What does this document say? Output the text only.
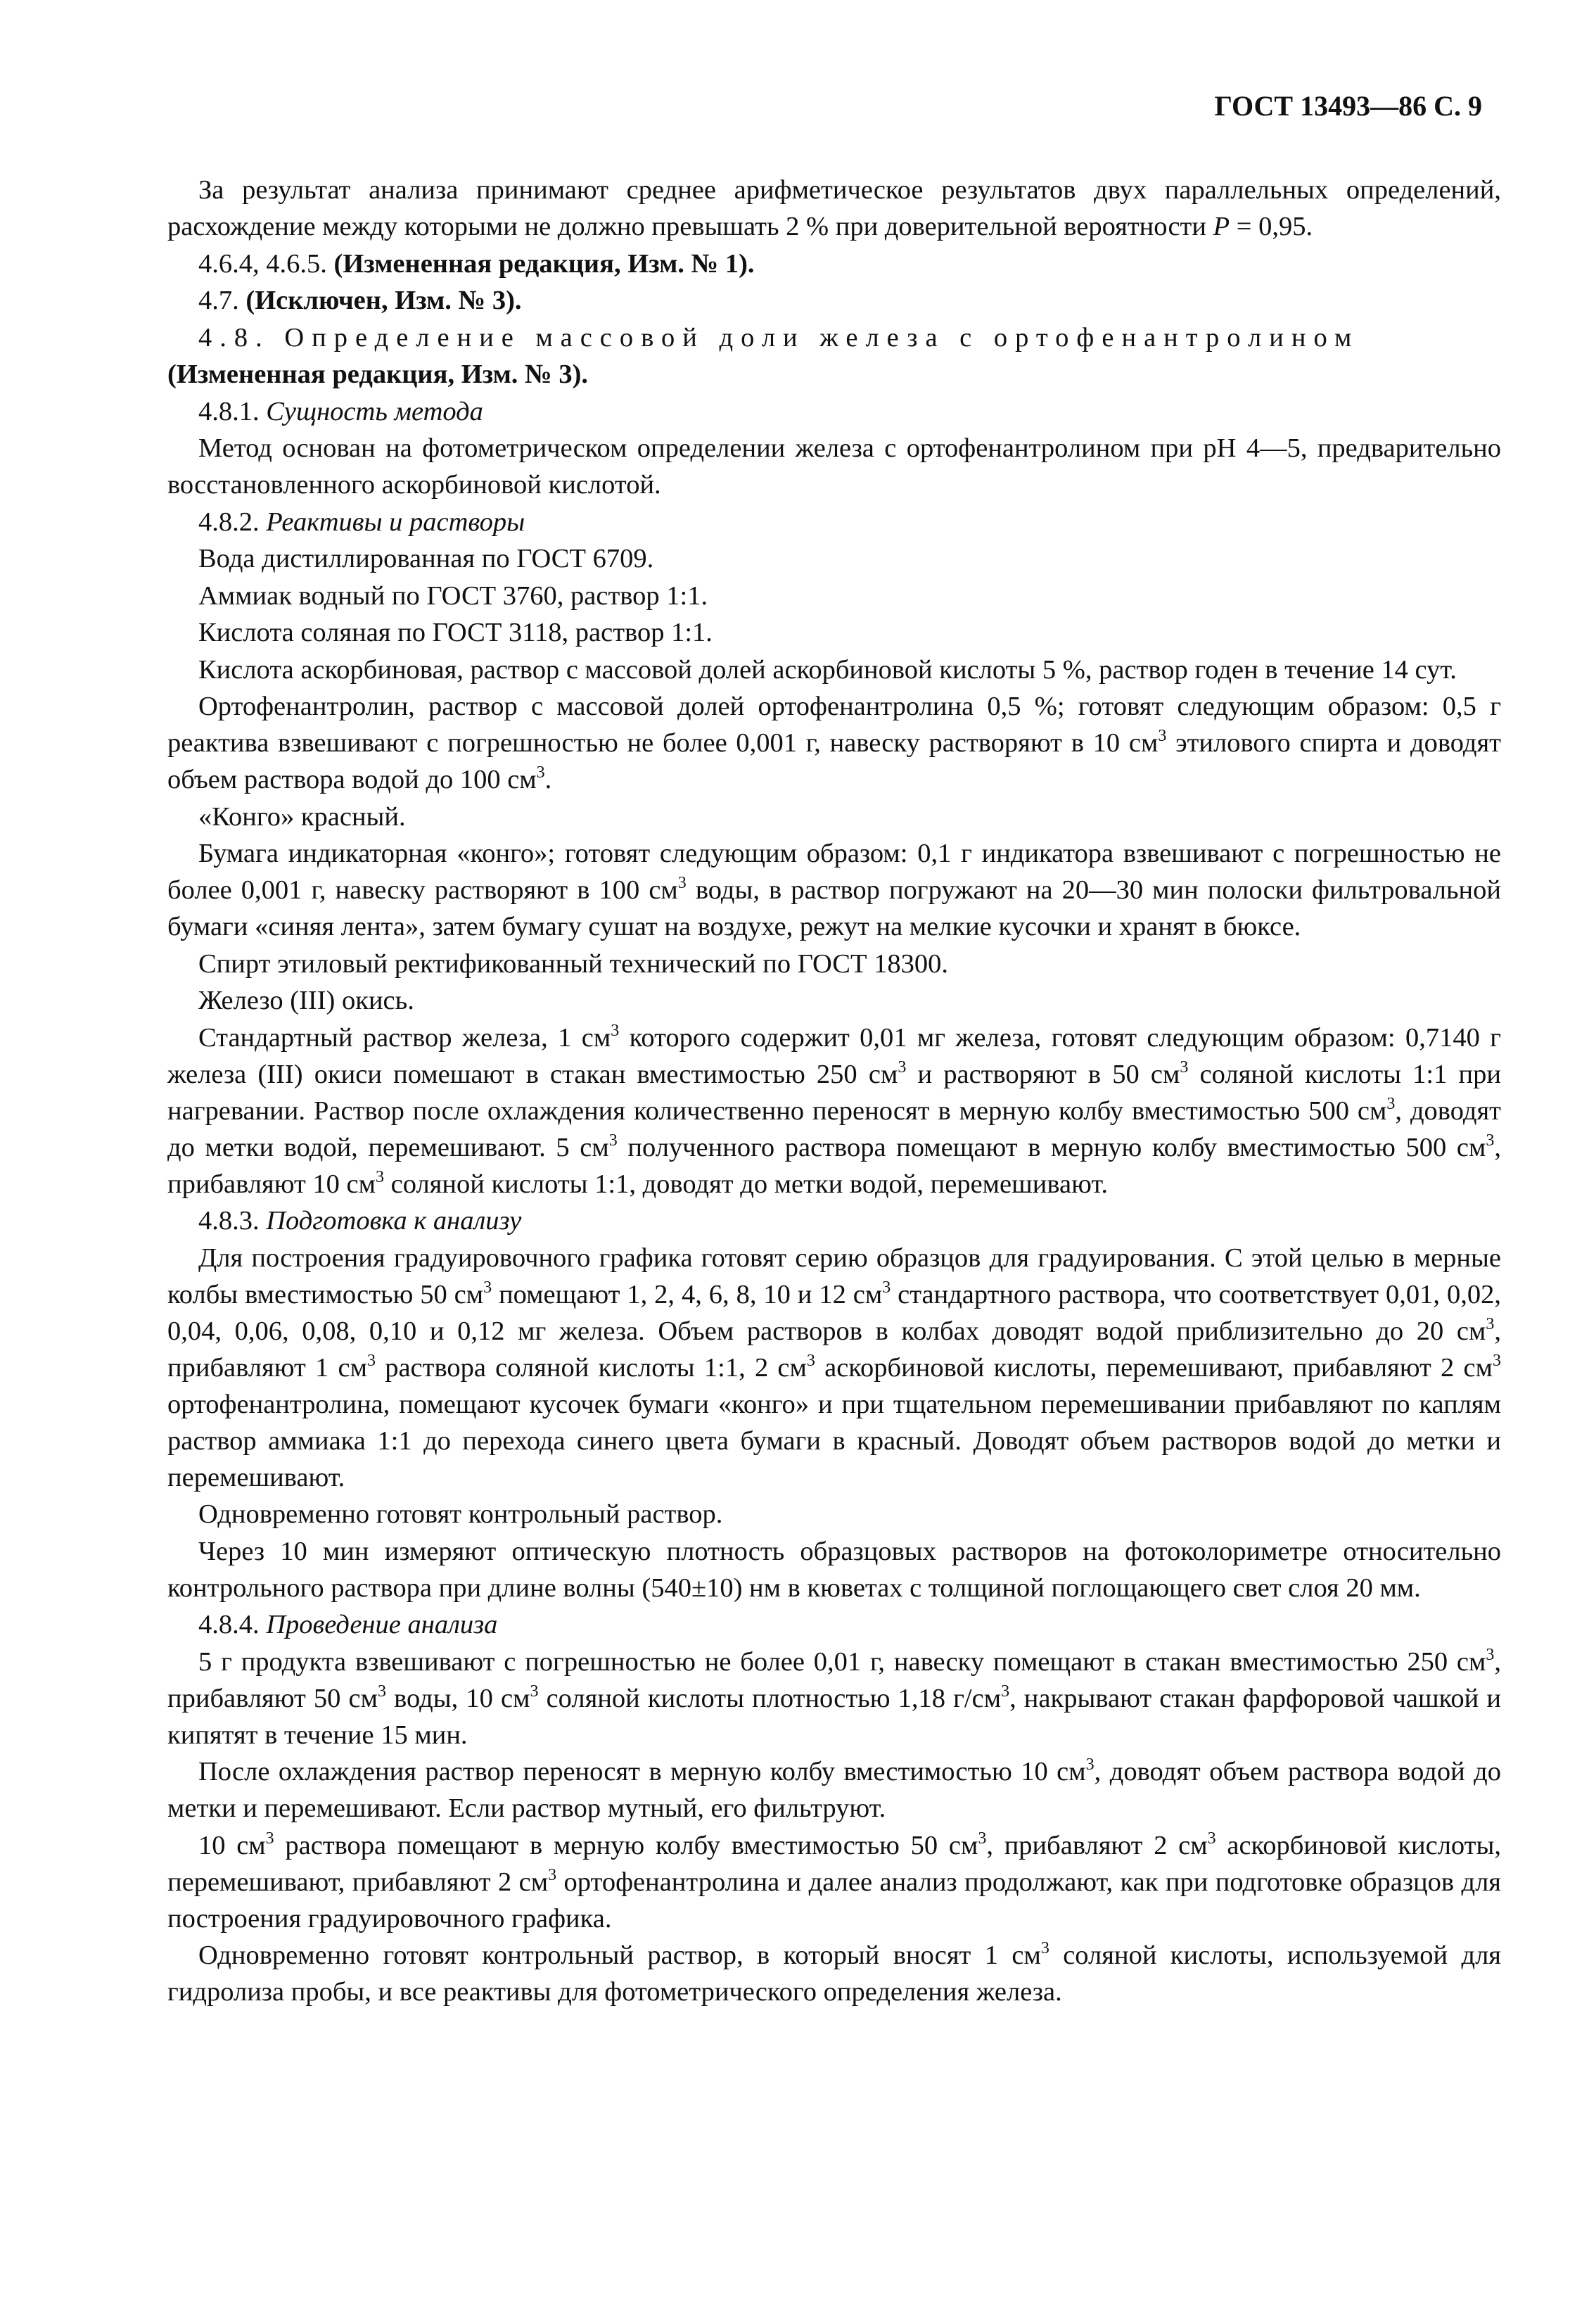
ГОСТ 13493—86 С. 9

За результат анализа принимают среднее арифметическое результатов двух параллельных определений, расхождение между которыми не должно превышать 2 % при доверительной вероятности P = 0,95.

4.6.4, 4.6.5. (Измененная редакция, Изм. № 1).

4.7. (Исключен, Изм. № 3).

4.8. Определение массовой доли железа с ортофенантролином

(Измененная редакция, Изм. № 3).

4.8.1. Сущность метода

Метод основан на фотометрическом определении железа с ортофенантролином при рН 4—5, предварительно восстановленного аскорбиновой кислотой.

4.8.2. Реактивы и растворы

Вода дистиллированная по ГОСТ 6709.

Аммиак водный по ГОСТ 3760, раствор 1:1.

Кислота соляная по ГОСТ 3118, раствор 1:1.

Кислота аскорбиновая, раствор с массовой долей аскорбиновой кислоты 5 %, раствор годен в течение 14 сут.

Ортофенантролин, раствор с массовой долей ортофенантролина 0,5 %; готовят следующим образом: 0,5 г реактива взвешивают с погрешностью не более 0,001 г, навеску растворяют в 10 $см^3$ этилового спирта и доводят объем раствора водой до 100 $см^3$.

«Конго» красный.

Бумага индикаторная «конго»; готовят следующим образом: 0,1 г индикатора взвешивают с погрешностью не более 0,001 г, навеску растворяют в 100 $см^3$ воды, в раствор погружают на 20—30 мин полоски фильтровальной бумаги «синяя лента», затем бумагу сушат на воздухе, режут на мелкие кусочки и хранят в бюксе.

Спирт этиловый ректификованный технический по ГОСТ 18300.

Железо (III) окись.

Стандартный раствор железа, 1 $см^3$ которого содержит 0,01 мг железа, готовят следующим образом: 0,7140 г железа (III) окиси помешают в стакан вместимостью 250 $см^3$ и растворяют в 50 $см^3$ соляной кислоты 1:1 при нагревании. Раствор после охлаждения количественно переносят в мерную колбу вместимостью 500 $см^3$, доводят до метки водой, перемешивают. 5 $см^3$ полученного раствора помещают в мерную колбу вместимостью 500 $см^3$, прибавляют 10 $см^3$ соляной кислоты 1:1, доводят до метки водой, перемешивают.

4.8.3. Подготовка к анализу

Для построения градуировочного графика готовят серию образцов для градуирования. С этой целью в мерные колбы вместимостью 50 $см^3$ помещают 1, 2, 4, 6, 8, 10 и 12 $см^3$ стандартного раствора, что соответствует 0,01, 0,02, 0,04, 0,06, 0,08, 0,10 и 0,12 мг железа. Объем растворов в колбах доводят водой приблизительно до 20 $см^3$, прибавляют 1 $см^3$ раствора соляной кислоты 1:1, 2 $см^3$ аскорбиновой кислоты, перемешивают, прибавляют 2 $см^3$ ортофенантролина, помещают кусочек бумаги «конго» и при тщательном перемешивании прибавляют по каплям раствор аммиака 1:1 до перехода синего цвета бумаги в красный. Доводят объем растворов водой до метки и перемешивают.

Одновременно готовят контрольный раствор.

Через 10 мин измеряют оптическую плотность образцовых растворов на фотоколориметре относительно контрольного раствора при длине волны (540±10) нм в кюветах с толщиной поглощающего свет слоя 20 мм.

4.8.4. Проведение анализа

5 г продукта взвешивают с погрешностью не более 0,01 г, навеску помещают в стакан вместимостью 250 $см^3$, прибавляют 50 $см^3$ воды, 10 $см^3$ соляной кислоты плотностью 1,18 $г/см^3$, накрывают стакан фарфоровой чашкой и кипятят в течение 15 мин.

После охлаждения раствор переносят в мерную колбу вместимостью 10 $см^3$, доводят объем раствора водой до метки и перемешивают. Если раствор мутный, его фильтруют.

10 $см^3$ раствора помещают в мерную колбу вместимостью 50 $см^3$, прибавляют 2 $см^3$ аскорбиновой кислоты, перемешивают, прибавляют 2 $см^3$ ортофенантролина и далее анализ продолжают, как при подготовке образцов для построения градуировочного графика.

Одновременно готовят контрольный раствор, в который вносят 1 $см^3$ соляной кислоты, используемой для гидролиза пробы, и все реактивы для фотометрического определения железа.
